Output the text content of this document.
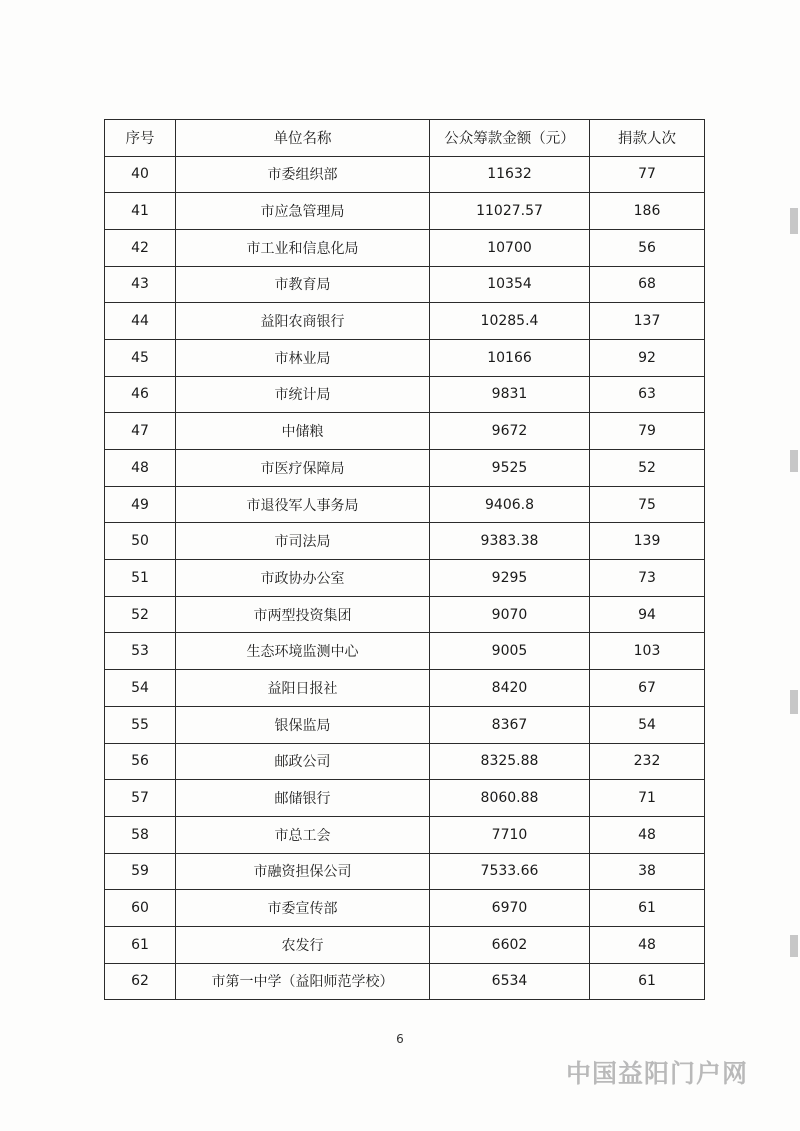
序号	单位名称	公众筹款金额（元）	捐款人次
40	市委组织部	11632	77
41	市应急管理局	11027.57	186
42	市工业和信息化局	10700	56
43	市教育局	10354	68
44	益阳农商银行	10285.4	137
45	市林业局	10166	92
46	市统计局	9831	63
47	中储粮	9672	79
48	市医疗保障局	9525	52
49	市退役军人事务局	9406.8	75
50	市司法局	9383.38	139
51	市政协办公室	9295	73
52	市两型投资集团	9070	94
53	生态环境监测中心	9005	103
54	益阳日报社	8420	67
55	银保监局	8367	54
56	邮政公司	8325.88	232
57	邮储银行	8060.88	71
58	市总工会	7710	48
59	市融资担保公司	7533.66	38
60	市委宣传部	6970	61
61	农发行	6602	48
62	市第一中学（益阳师范学校）	6534	61
6
中国益阳门户网
